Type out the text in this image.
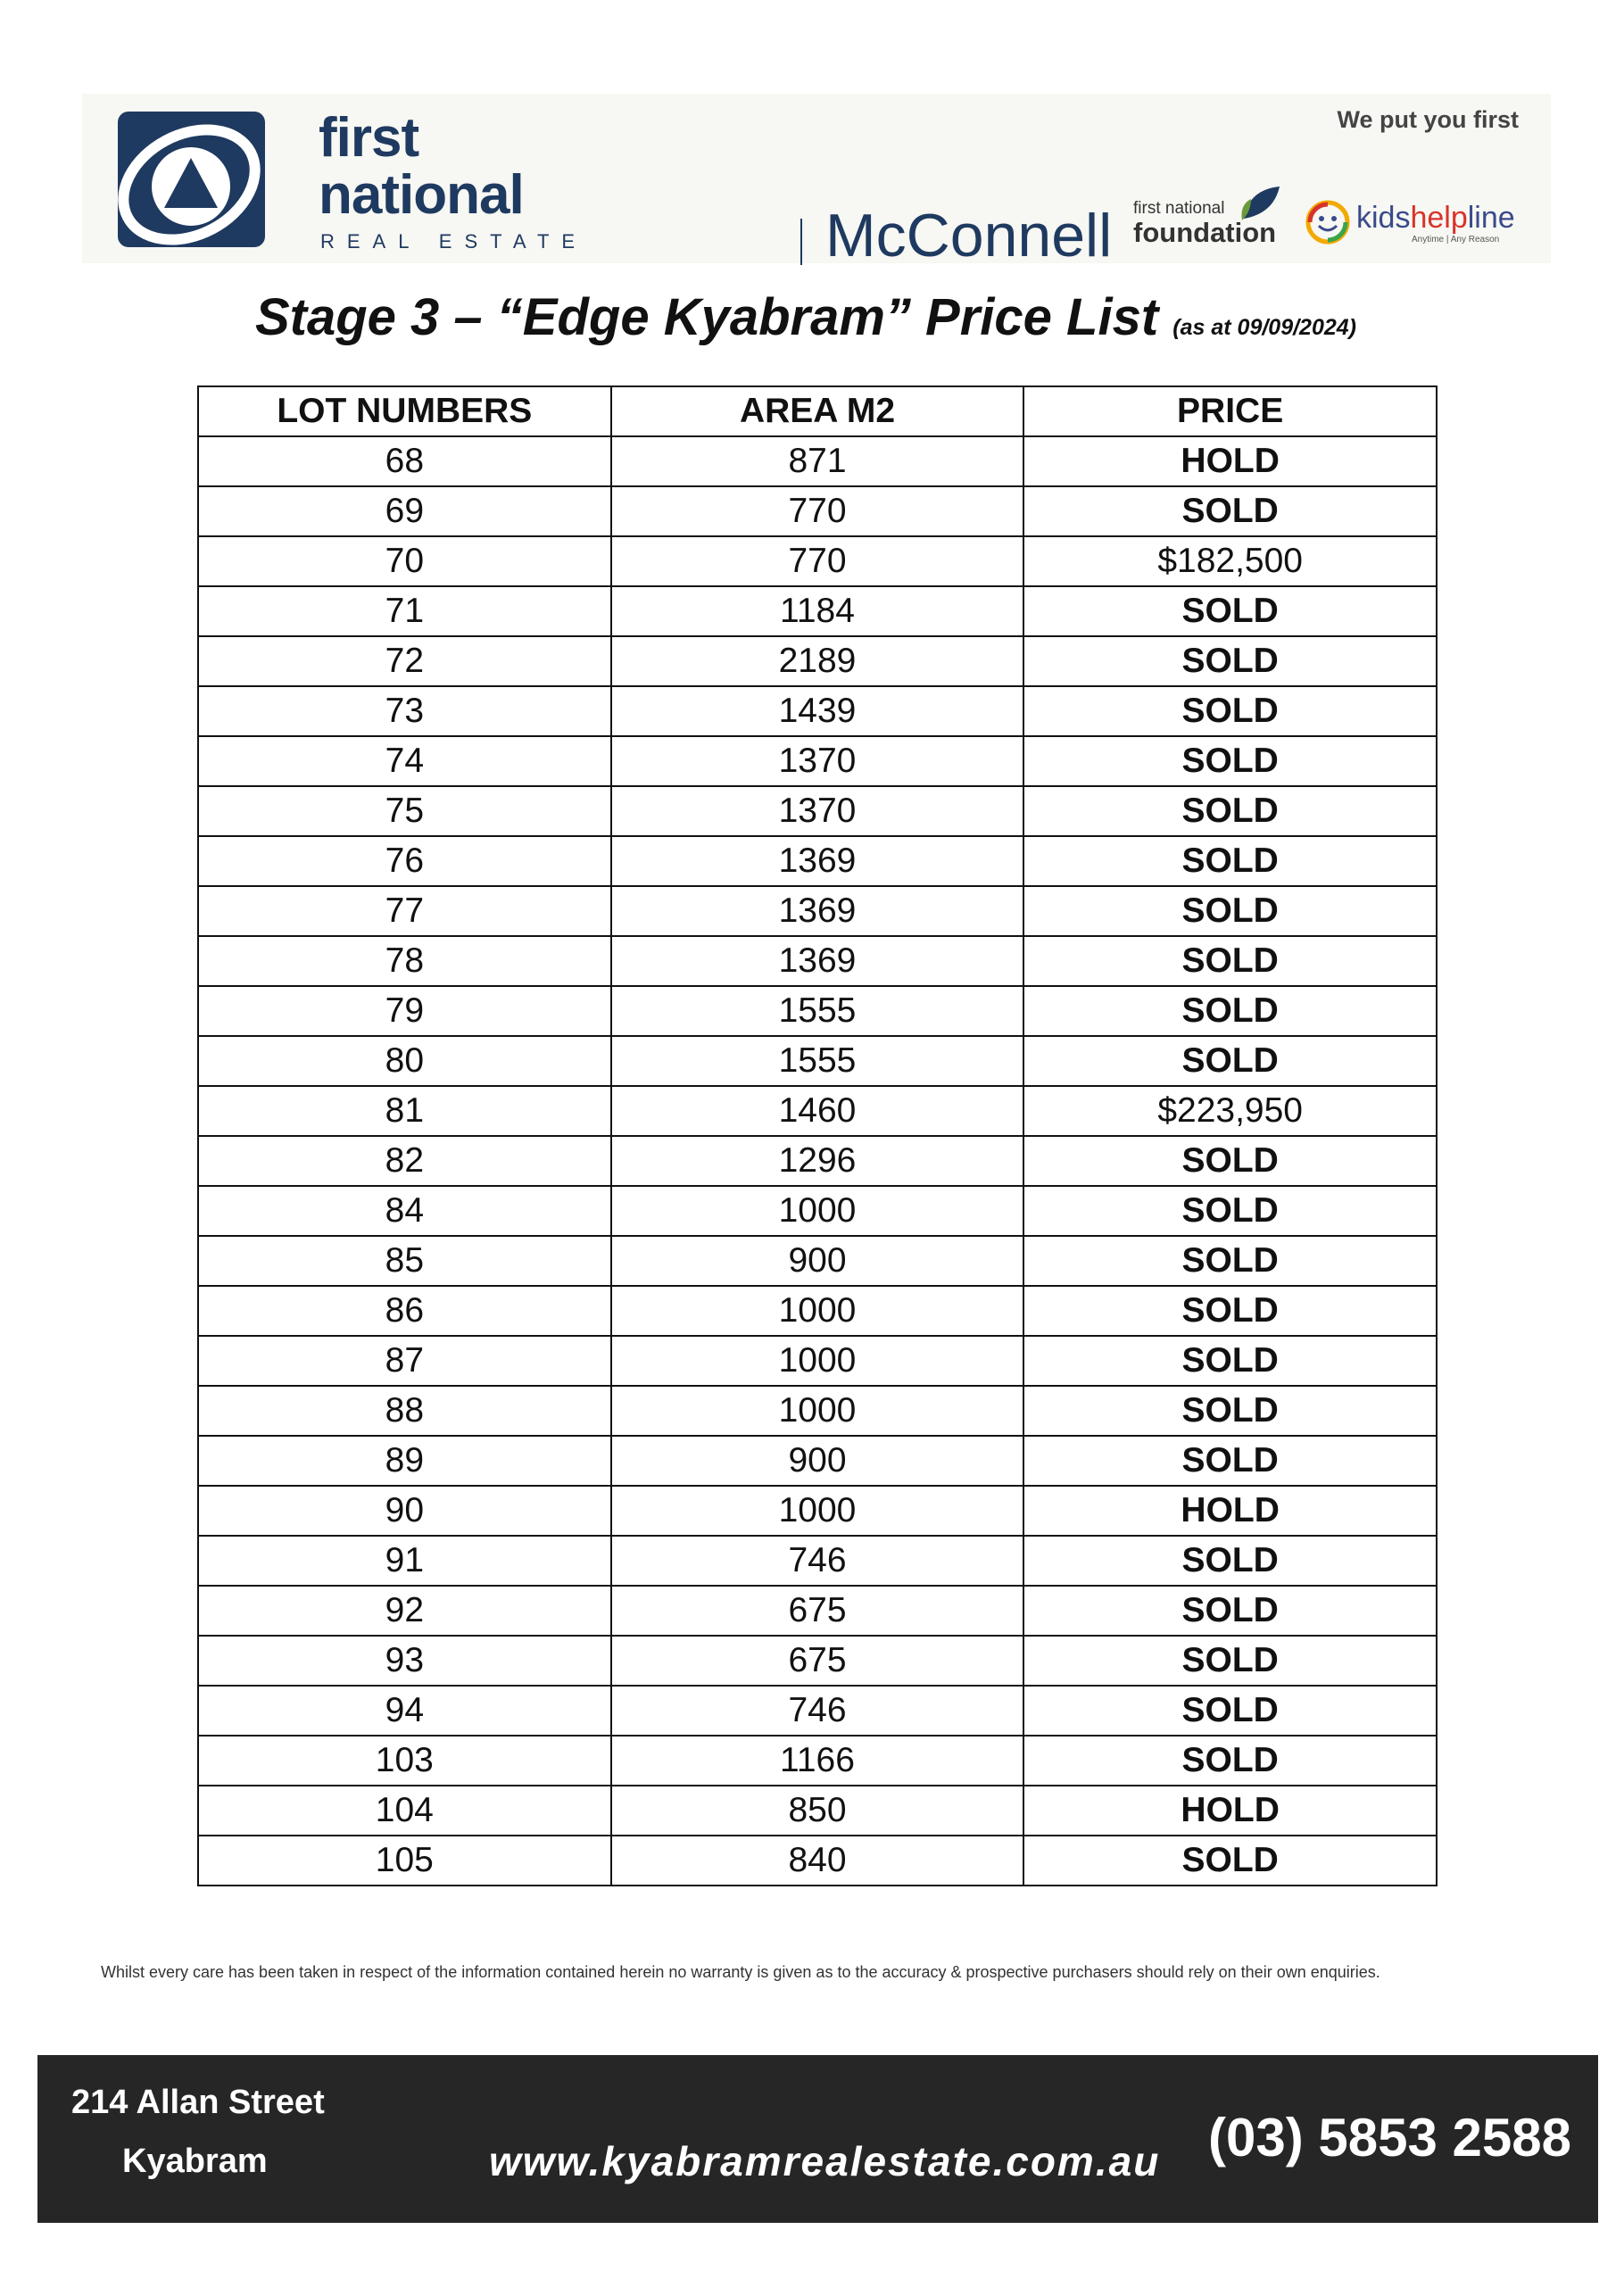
first
national
REAL ESTATE	McConnell
We put you first
first national
foundation	kidshelpline
Anytime | Any Reason
Stage 3 – “Edge Kyabram” Price List (as at 09/09/2024)
LOT NUMBERS	AREA M2	PRICE
68	871	HOLD
69	770	SOLD
70	770	$182,500
71	1184	SOLD
72	2189	SOLD
73	1439	SOLD
74	1370	SOLD
75	1370	SOLD
76	1369	SOLD
77	1369	SOLD
78	1369	SOLD
79	1555	SOLD
80	1555	SOLD
81	1460	$223,950
82	1296	SOLD
84	1000	SOLD
85	900	SOLD
86	1000	SOLD
87	1000	SOLD
88	1000	SOLD
89	900	SOLD
90	1000	HOLD
91	746	SOLD
92	675	SOLD
93	675	SOLD
94	746	SOLD
103	1166	SOLD
104	850	HOLD
105	840	SOLD
Whilst every care has been taken in respect of the information contained herein no warranty is given as to the accuracy & prospective purchasers should rely on their own enquiries.
214 Allan Street
Kyabram	www.kyabramrealestate.com.au (03) 5853 2588
